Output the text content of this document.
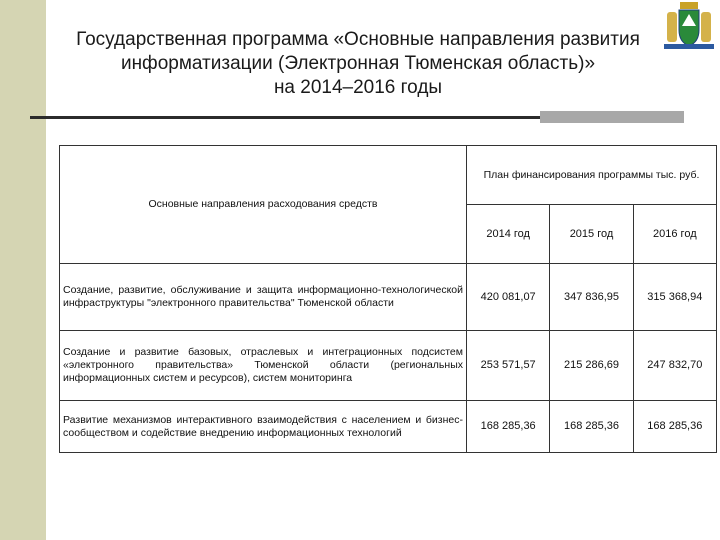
Государственная программа «Основные направления развития
информатизации (Электронная Тюменская область)»
на 2014–2016 годы
Основные направления расходования средств	План финансирования программы тыс. руб.		
	2014 год	2015 год	2016 год
Создание, развитие, обслуживание и защита информационно-технологической инфраструктуры "электронного правительства" Тюменской области	420 081,07	347 836,95	315 368,94
Создание и развитие базовых, отраслевых и интеграционных подсистем «электронного правительства» Тюменской области (региональных информационных систем и ресурсов), систем мониторинга	253 571,57	215 286,69	247 832,70
Развитие механизмов интерактивного взаимодействия с населением и бизнес-сообществом и содействие внедрению информационных технологий	168 285,36	168 285,36	168 285,36
